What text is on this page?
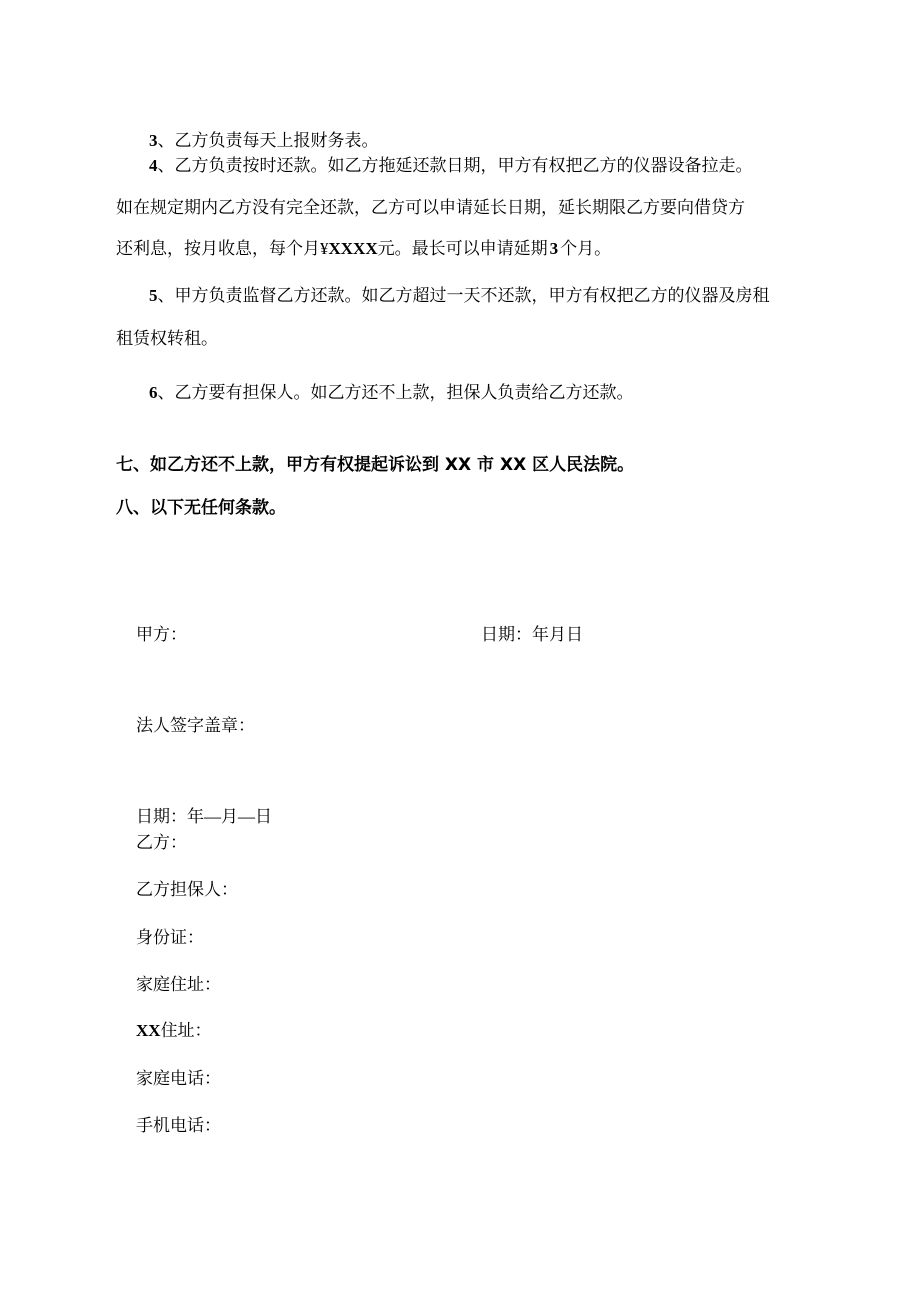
3、乙方负责每天上报财务表。
4、乙方负责按时还款。如乙方拖延还款日期，甲方有权把乙方的仪器设备拉走。
如在规定期内乙方没有完全还款，乙方可以申请延长日期，延长期限乙方要向借贷方
还利息，按月收息，每个月¥XXXX元。最长可以申请延期 3 个月。
5、甲方负责监督乙方还款。如乙方超过一天不还款，甲方有权把乙方的仪器及房租
租赁权转租。
6、乙方要有担保人。如乙方还不上款，担保人负责给乙方还款。
七、如乙方还不上款，甲方有权提起诉讼到 XX 市 XX 区人民法院。
八、以下无任何条款。
甲方：	日期：年月日
法人签字盖章：
日期：年—月—日
乙方：
乙方担保人：
身份证：
家庭住址：
XX住址：
家庭电话：
手机电话：
